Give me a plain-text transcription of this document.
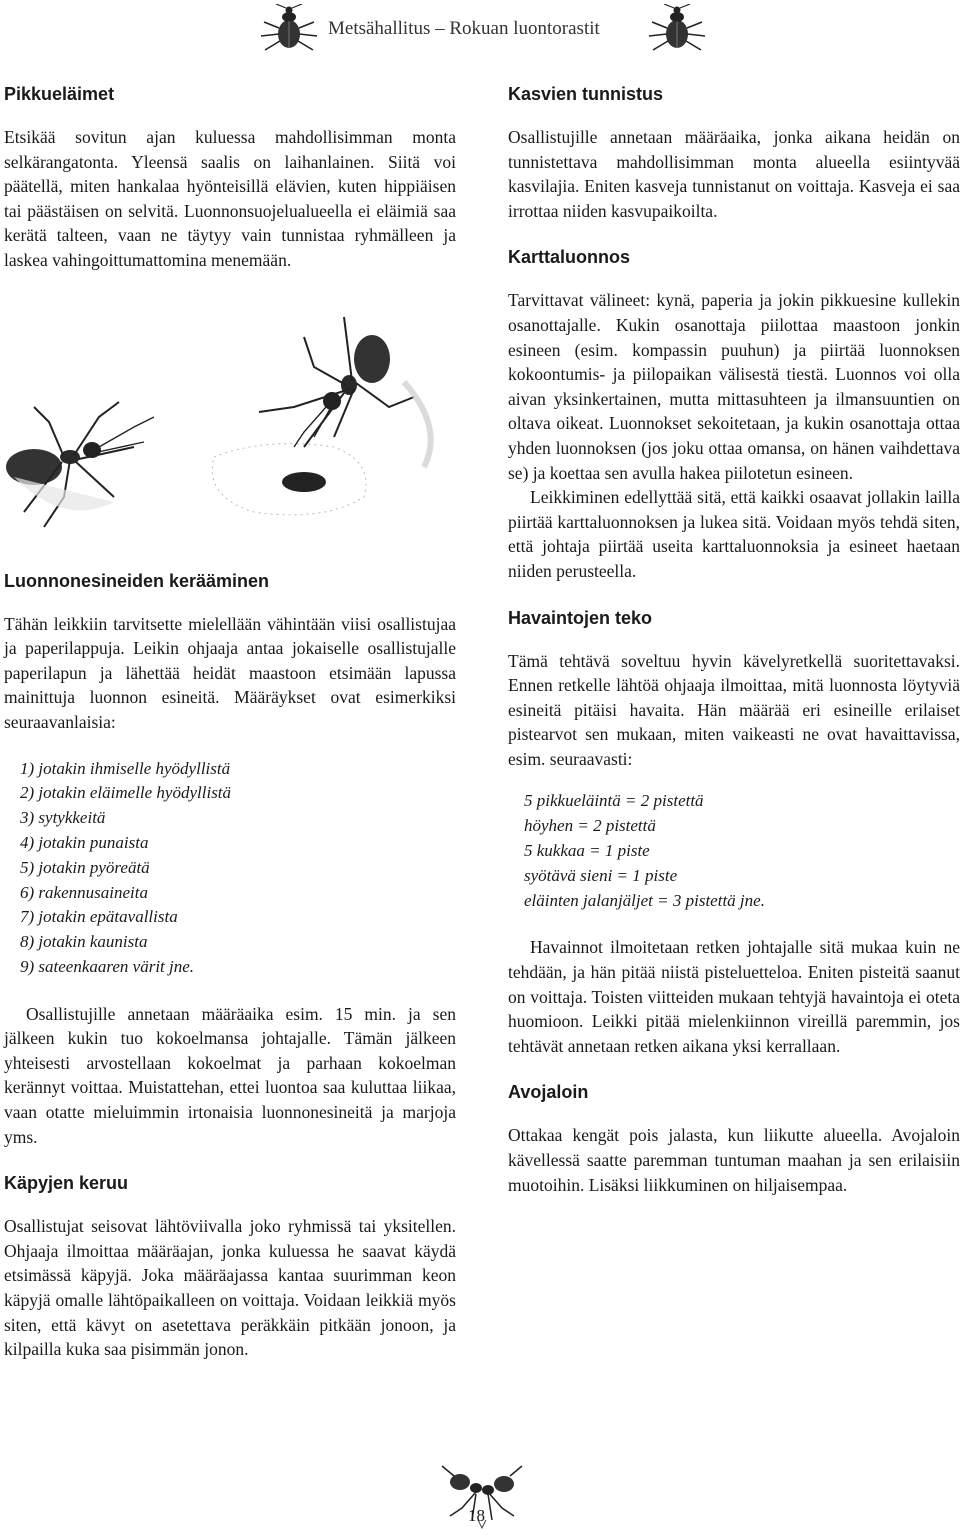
Metsähallitus – Rokuan luontorastit
Pikkueläimet

Etsikää sovitun ajan kuluessa mahdollisimman monta selkärangatonta. Yleensä saalis on laihanlainen. Siitä voi päätellä, miten hankalaa hyönteisillä elävien, kuten hippiäisen tai päästäisen on selvitä. Luonnonsuojelualueella ei eläimiä saa kerätä talteen, vaan ne täytyy vain tunnistaa ryhmälleen ja laskea vahingoittumattomina menemään.

Luonnonesineiden kerääminen

Tähän leikkiin tarvitsette mielellään vähintään viisi osallistujaa ja paperilappuja. Leikin ohjaaja antaa jokaiselle osallistujalle paperilapun ja lähettää heidät maastoon etsimään lapussa mainittuja luonnon esineitä. Määräykset ovat esimerkiksi seuraavanlaisia:

1) jotakin ihmiselle hyödyllistä
2) jotakin eläimelle hyödyllistä
3) sytykkeitä
4) jotakin punaista
5) jotakin pyöreätä
6) rakennusaineita
7) jotakin epätavallista
8) jotakin kaunista
9) sateenkaaren värit jne.

Osallistujille annetaan määräaika esim. 15 min. ja sen jälkeen kukin tuo kokoelmansa johtajalle. Tämän jälkeen yhteisesti arvostellaan kokoelmat ja parhaan kokoelman kerännyt voittaa. Muistattehan, ettei luontoa saa kuluttaa liikaa, vaan otatte mieluimmin irtonaisia luonnonesineitä ja marjoja yms.

Käpyjen keruu

Osallistujat seisovat lähtöviivalla joko ryhmissä tai yksitellen. Ohjaaja ilmoittaa määräajan, jonka kuluessa he saavat käydä etsimässä käpyjä. Joka määräajassa kantaa suurimman keon käpyjä omalle lähtöpaikalleen on voittaja. Voidaan leikkiä myös siten, että kävyt on asetettava peräkkäin pitkään jonoon, ja kilpailla kuka saa pisimmän jonon.

Kasvien tunnistus

Osallistujille annetaan määräaika, jonka aikana heidän on tunnistettava mahdollisimman monta alueella esiintyvää kasvilajia. Eniten kasveja tunnistanut on voittaja. Kasveja ei saa irrottaa niiden kasvupaikoilta.

Karttaluonnos

Tarvittavat välineet: kynä, paperia ja jokin pikkuesine kullekin osanottajalle. Kukin osanottaja piilottaa maastoon jonkin esineen (esim. kompassin puuhun) ja piirtää luonnoksen kokoontumis- ja piilopaikan välisestä tiestä. Luonnos voi olla aivan yksinkertainen, mutta mittasuhteen ja ilmansuuntien on oltava oikeat. Luonnokset sekoitetaan, ja kukin osanottaja ottaa yhden luonnoksen (jos joku ottaa omansa, on hänen vaihdettava se) ja koettaa sen avulla hakea piilotetun esineen.

Leikkiminen edellyttää sitä, että kaikki osaavat jollakin lailla piirtää karttaluonnoksen ja lukea sitä. Voidaan myös tehdä siten, että johtaja piirtää useita karttaluonnoksia ja esineet haetaan niiden perusteella.

Havaintojen teko

Tämä tehtävä soveltuu hyvin kävelyretkellä suoritettavaksi. Ennen retkelle lähtöä ohjaaja ilmoittaa, mitä luonnosta löytyviä esineitä pitäisi havaita. Hän määrää eri esineille erilaiset pistearvot sen mukaan, miten vaikeasti ne ovat havaittavissa, esim. seuraavasti:

5 pikkueläintä = 2 pistettä
höyhen = 2 pistettä
5 kukkaa = 1 piste
syötävä sieni = 1 piste
eläinten jalanjäljet = 3 pistettä jne.

Havainnot ilmoitetaan retken johtajalle sitä mukaa kuin ne tehdään, ja hän pitää niistä pisteluetteloa. Eniten pisteitä saanut on voittaja. Toisten viitteiden mukaan tehtyjä havaintoja ei oteta huomioon. Leikki pitää mielenkiinnon vireillä paremmin, jos tehtävät annetaan retken aikana yksi kerrallaan.

Avojaloin

Ottakaa kengät pois jalasta, kun liikutte alueella. Avojaloin kävellessä saatte paremman tuntuman maahan ja sen erilaisiin muotoihin. Lisäksi liikkuminen on hiljaisempaa.

18
